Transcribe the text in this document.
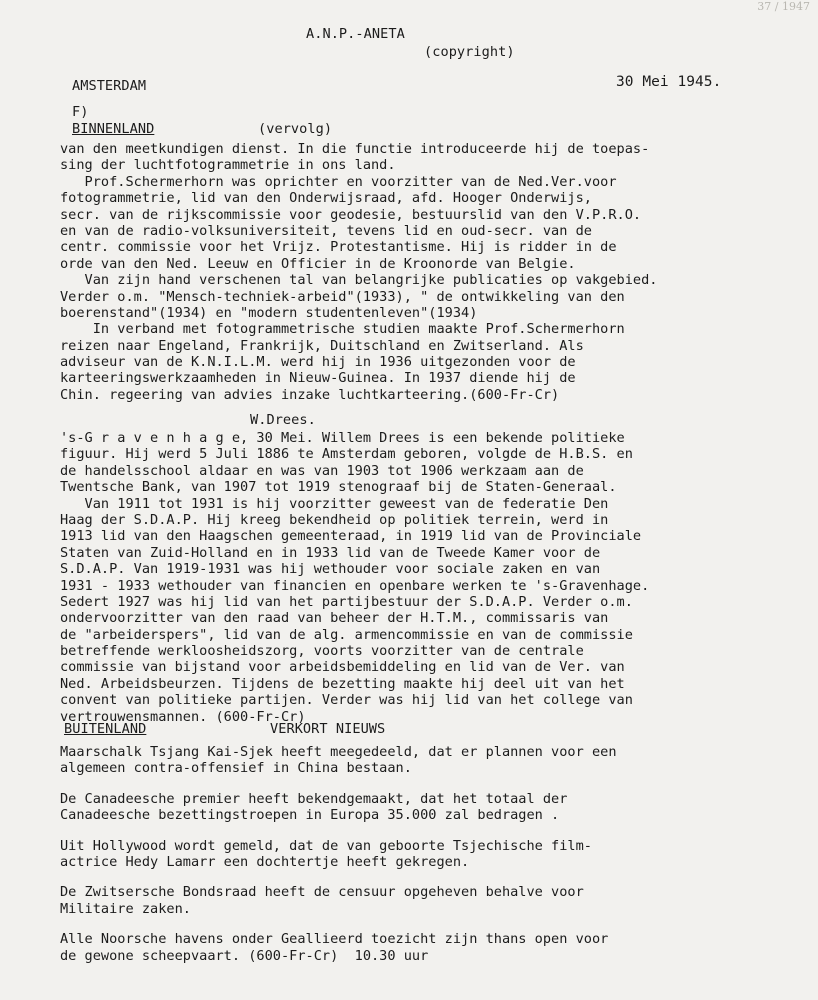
37 / 1947
A.N.P.-ANETA
(copyright)
AMSTERDAM	30 Mei 1945.
F)
BINNENLAND	(vervolg)
van den meetkundigen dienst. In die functie introduceerde hij de toepas-
sing der luchtfotogrammetrie in ons land.
Prof.Schermerhorn was oprichter en voorzitter van de Ned.Ver.voor
fotogrammetrie, lid van den Onderwijsraad, afd. Hooger Onderwijs,
secr. van de rijkscommissie voor geodesie, bestuurslid van den V.P.R.O.
en van de radio-volksuniversiteit, tevens lid en oud-secr. van de
centr. commissie voor het Vrijz. Protestantisme. Hij is ridder in de
orde van den Ned. Leeuw en Officier in de Kroonorde van Belgie.
Van zijn hand verschenen tal van belangrijke publicaties op vakgebied.
Verder o.m. "Mensch-techniek-arbeid"(1933), " de ontwikkeling van den
boerenstand"(1934) en "modern studentenleven"(1934)
In verband met fotogrammetrische studien maakte Prof.Schermerhorn
reizen naar Engeland, Frankrijk, Duitschland en Zwitserland. Als
adviseur van de K.N.I.L.M. werd hij in 1936 uitgezonden voor de
karteeringswerkzaamheden in Nieuw-Guinea. In 1937 diende hij de
Chin. regeering van advies inzake luchtkarteering.(600-Fr-Cr)
W.Drees.
's-G r a v e n h a g e, 30 Mei. Willem Drees is een bekende politieke
figuur. Hij werd 5 Juli 1886 te Amsterdam geboren, volgde de H.B.S. en
de handelsschool aldaar en was van 1903 tot 1906 werkzaam aan de
Twentsche Bank, van 1907 tot 1919 stenograaf bij de Staten-Generaal.
Van 1911 tot 1931 is hij voorzitter geweest van de federatie Den
Haag der S.D.A.P. Hij kreeg bekendheid op politiek terrein, werd in
1913 lid van den Haagschen gemeenteraad, in 1919 lid van de Provinciale
Staten van Zuid-Holland en in 1933 lid van de Tweede Kamer voor de
S.D.A.P. Van 1919-1931 was hij wethouder voor sociale zaken en van
1931 - 1933 wethouder van financien en openbare werken te 's-Gravenhage.
Sedert 1927 was hij lid van het partijbestuur der S.D.A.P. Verder o.m.
ondervoorzitter van den raad van beheer der H.T.M., commissaris van
de "arbeiderspers", lid van de alg. armencommissie en van de commissie
betreffende werkloosheidszorg, voorts voorzitter van de centrale
commissie van bijstand voor arbeidsbemiddeling en lid van de Ver. van
Ned. Arbeidsbeurzen. Tijdens de bezetting maakte hij deel uit van het
convent van politieke partijen. Verder was hij lid van het college van
vertrouwensmannen. (600-Fr-Cr)
BUITENLAND	VERKORT NIEUWS
Maarschalk Tsjang Kai-Sjek heeft meegedeeld, dat er plannen voor een
algemeen contra-offensief in China bestaan.
De Canadeesche premier heeft bekendgemaakt, dat het totaal der
Canadeesche bezettingstroepen in Europa 35.000 zal bedragen .
Uit Hollywood wordt gemeld, dat de van geboorte Tsjechische film-
actrice Hedy Lamarr een dochtertje heeft gekregen.
De Zwitsersche Bondsraad heeft de censuur opgeheven behalve voor
Militaire zaken.
Alle Noorsche havens onder Geallieerd toezicht zijn thans open voor
de gewone scheepvaart. (600-Fr-Cr)  10.30 uur
